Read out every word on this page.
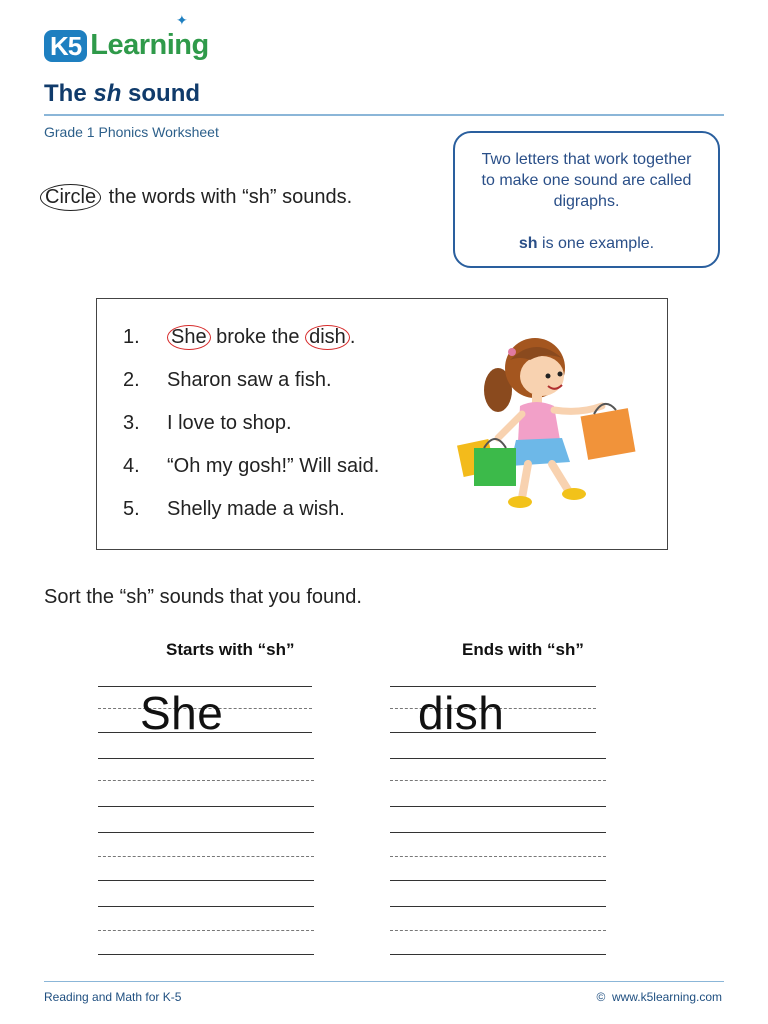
K5 Learning
✦
The sh sound
Grade 1 Phonics Worksheet
Circle the words with “sh” sounds.
Two letters that work together
to make one sound are called
digraphs.
sh is one example.
1.	She broke the dish .
2.	Sharon saw a fish.
3.	I love to shop.
4.	“Oh my gosh!” Will said.
5.	Shelly made a wish.
Sort the “sh” sounds that you found.
Starts with “sh”	Ends with “sh”
She	dish
Reading and Math for K-5	©  www.k5learning.com
